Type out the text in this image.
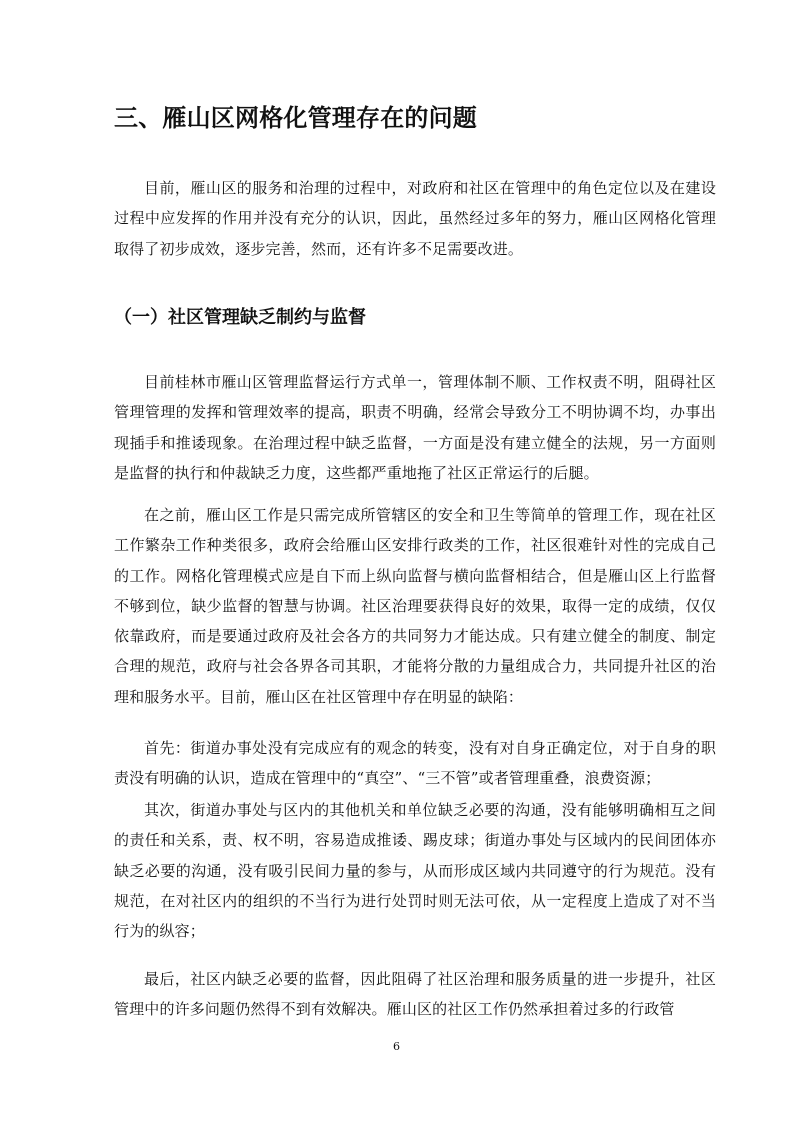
三、雁山区网格化管理存在的问题

目前，雁山区的服务和治理的过程中，对政府和社区在管理中的角色定位以及在建设过程中应发挥的作用并没有充分的认识，因此，虽然经过多年的努力，雁山区网格化管理取得了初步成效，逐步完善，然而，还有许多不足需要改进。

（一）社区管理缺乏制约与监督

目前桂林市雁山区管理监督运行方式单一，管理体制不顺、工作权责不明，阻碍社区管理管理的发挥和管理效率的提高，职责不明确，经常会导致分工不明协调不均，办事出现插手和推诿现象。在治理过程中缺乏监督，一方面是没有建立健全的法规，另一方面则是监督的执行和仲裁缺乏力度，这些都严重地拖了社区正常运行的后腿。

在之前，雁山区工作是只需完成所管辖区的安全和卫生等简单的管理工作，现在社区工作繁杂工作种类很多，政府会给雁山区安排行政类的工作，社区很难针对性的完成自己的工作。网格化管理模式应是自下而上纵向监督与横向监督相结合，但是雁山区上行监督不够到位，缺少监督的智慧与协调。社区治理要获得良好的效果，取得一定的成绩，仅仅依靠政府，而是要通过政府及社会各方的共同努力才能达成。只有建立健全的制度、制定合理的规范，政府与社会各界各司其职，才能将分散的力量组成合力，共同提升社区的治理和服务水平。目前，雁山区在社区管理中存在明显的缺陷：

首先：街道办事处没有完成应有的观念的转变，没有对自身正确定位，对于自身的职责没有明确的认识，造成在管理中的“真空”、“三不管”或者管理重叠，浪费资源；

其次，街道办事处与区内的其他机关和单位缺乏必要的沟通，没有能够明确相互之间的责任和关系，责、权不明，容易造成推诿、踢皮球；街道办事处与区域内的民间团体亦缺乏必要的沟通，没有吸引民间力量的参与，从而形成区域内共同遵守的行为规范。没有规范，在对社区内的组织的不当行为进行处罚时则无法可依，从一定程度上造成了对不当行为的纵容；

最后，社区内缺乏必要的监督，因此阻碍了社区治理和服务质量的进一步提升，社区管理中的许多问题仍然得不到有效解决。雁山区的社区工作仍然承担着过多的行政管

6
